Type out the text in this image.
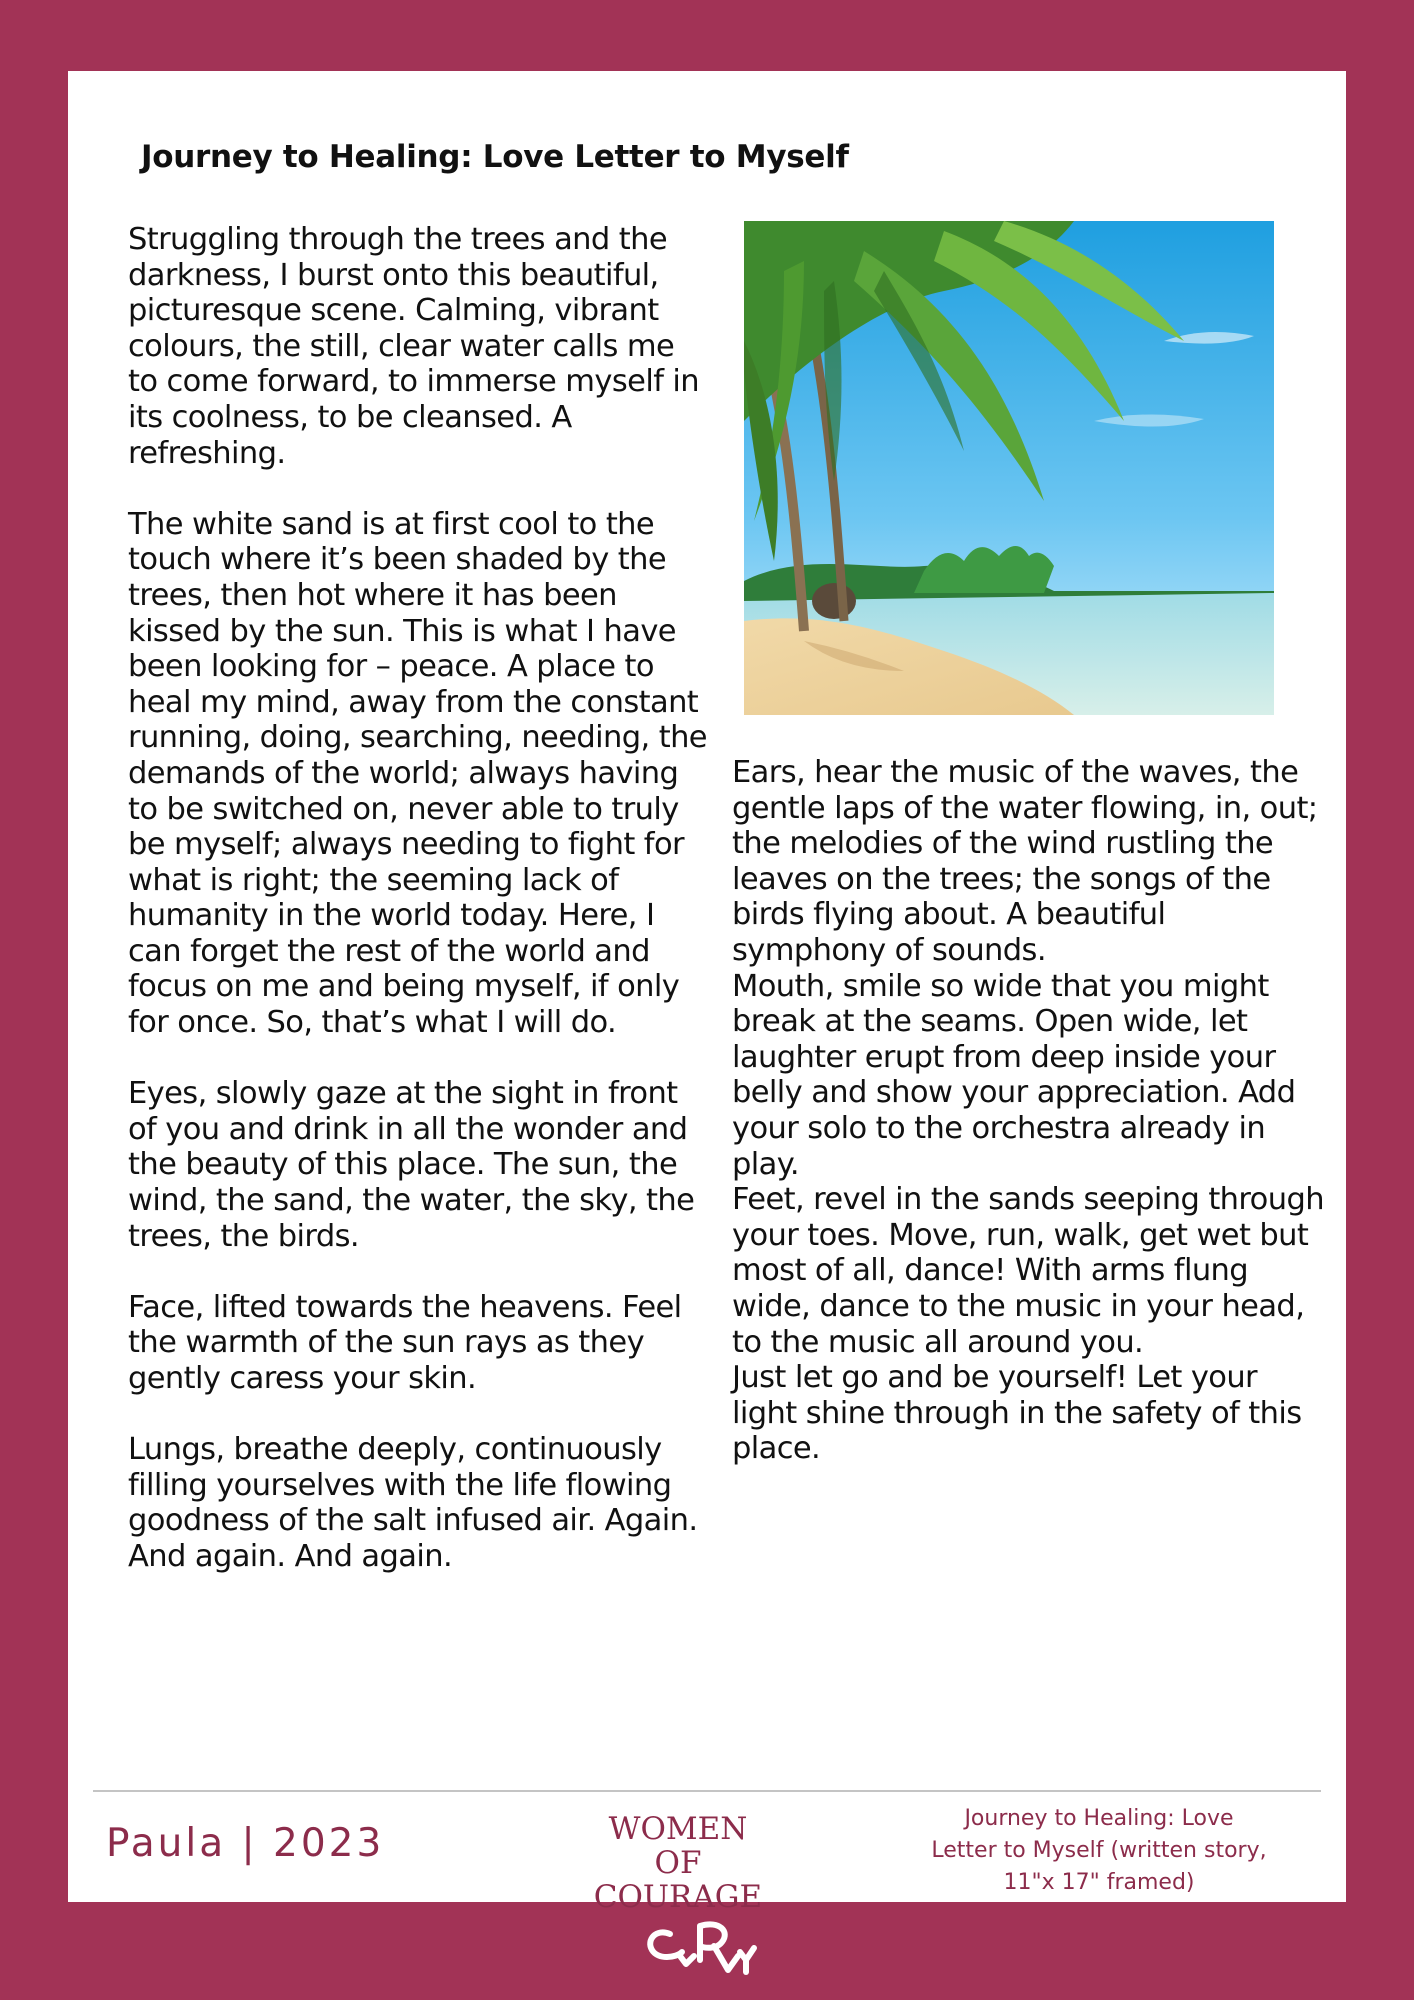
Journey to Healing: Love Letter to Myself

Struggling through the trees and the darkness, I burst onto this beautiful, picturesque scene. Calming, vibrant colours, the still, clear water calls me to come forward, to immerse myself in its coolness, to be cleansed. A refreshing.

The white sand is at first cool to the touch where it’s been shaded by the trees, then hot where it has been kissed by the sun. This is what I have been looking for – peace. A place to heal my mind, away from the constant running, doing, searching, needing, the demands of the world; always having to be switched on, never able to truly be myself; always needing to fight for what is right; the seeming lack of humanity in the world today. Here, I can forget the rest of the world and focus on me and being myself, if only for once. So, that’s what I will do.

Eyes, slowly gaze at the sight in front of you and drink in all the wonder and the beauty of this place. The sun, the wind, the sand, the water, the sky, the trees, the birds.

Face, lifted towards the heavens. Feel the warmth of the sun rays as they gently caress your skin.

Lungs, breathe deeply, continuously filling yourselves with the life flowing goodness of the salt infused air. Again. And again. And again.

Ears, hear the music of the waves, the gentle laps of the water flowing, in, out; the melodies of the wind rustling the leaves on the trees; the songs of the birds flying about. A beautiful symphony of sounds.

Mouth, smile so wide that you might break at the seams. Open wide, let laughter erupt from deep inside your belly and show your appreciation. Add your solo to the orchestra already in play.

Feet, revel in the sands seeping through your toes. Move, run, walk, get wet but most of all, dance! With arms flung wide, dance to the music in your head, to the music all around you.

Just let go and be yourself! Let your light shine through in the safety of this place.

Paula | 2023	WOMEN OF
COURAGE
Journey to Healing: Love Letter to Myself (written story, 11"x 17" framed)
